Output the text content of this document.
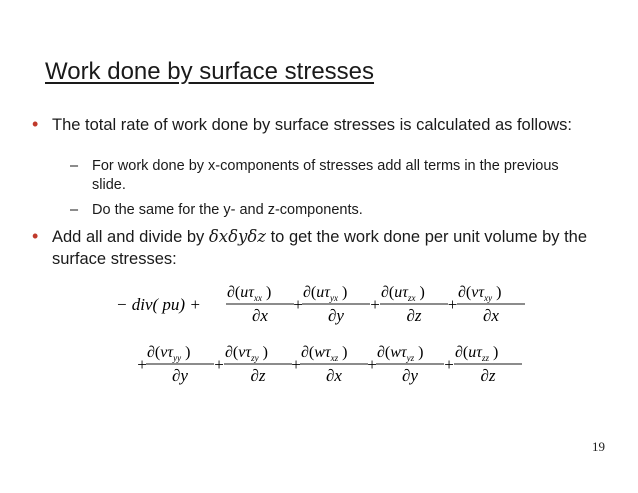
Work done by surface stresses
• The total rate of work done by surface stresses is calculated as follows:
– For work done by x-components of stresses add all terms in the previous slide.
– Do the same for the y- and z-components.
• Add all and divide by δxδyδz to get the work done per unit volume by the surface stresses:
− div( pu) +
$\partial(u\tau_{xx}$ )
∂x
+
$\partial(u\tau_{yx}$ )
∂y
+
$\partial(u\tau_{zx}$ )
∂z
+
$\partial(v\tau_{xy}$ )
∂x
+
$\partial(v\tau_{yy}$ )
∂y
+
$\partial(v\tau_{zy}$ )
∂z
+
$\partial(w\tau_{xz}$ )
∂x
+
$\partial(w\tau_{yz}$ )
∂y
+
$\partial(u\tau_{zz}$ )
∂z
19
